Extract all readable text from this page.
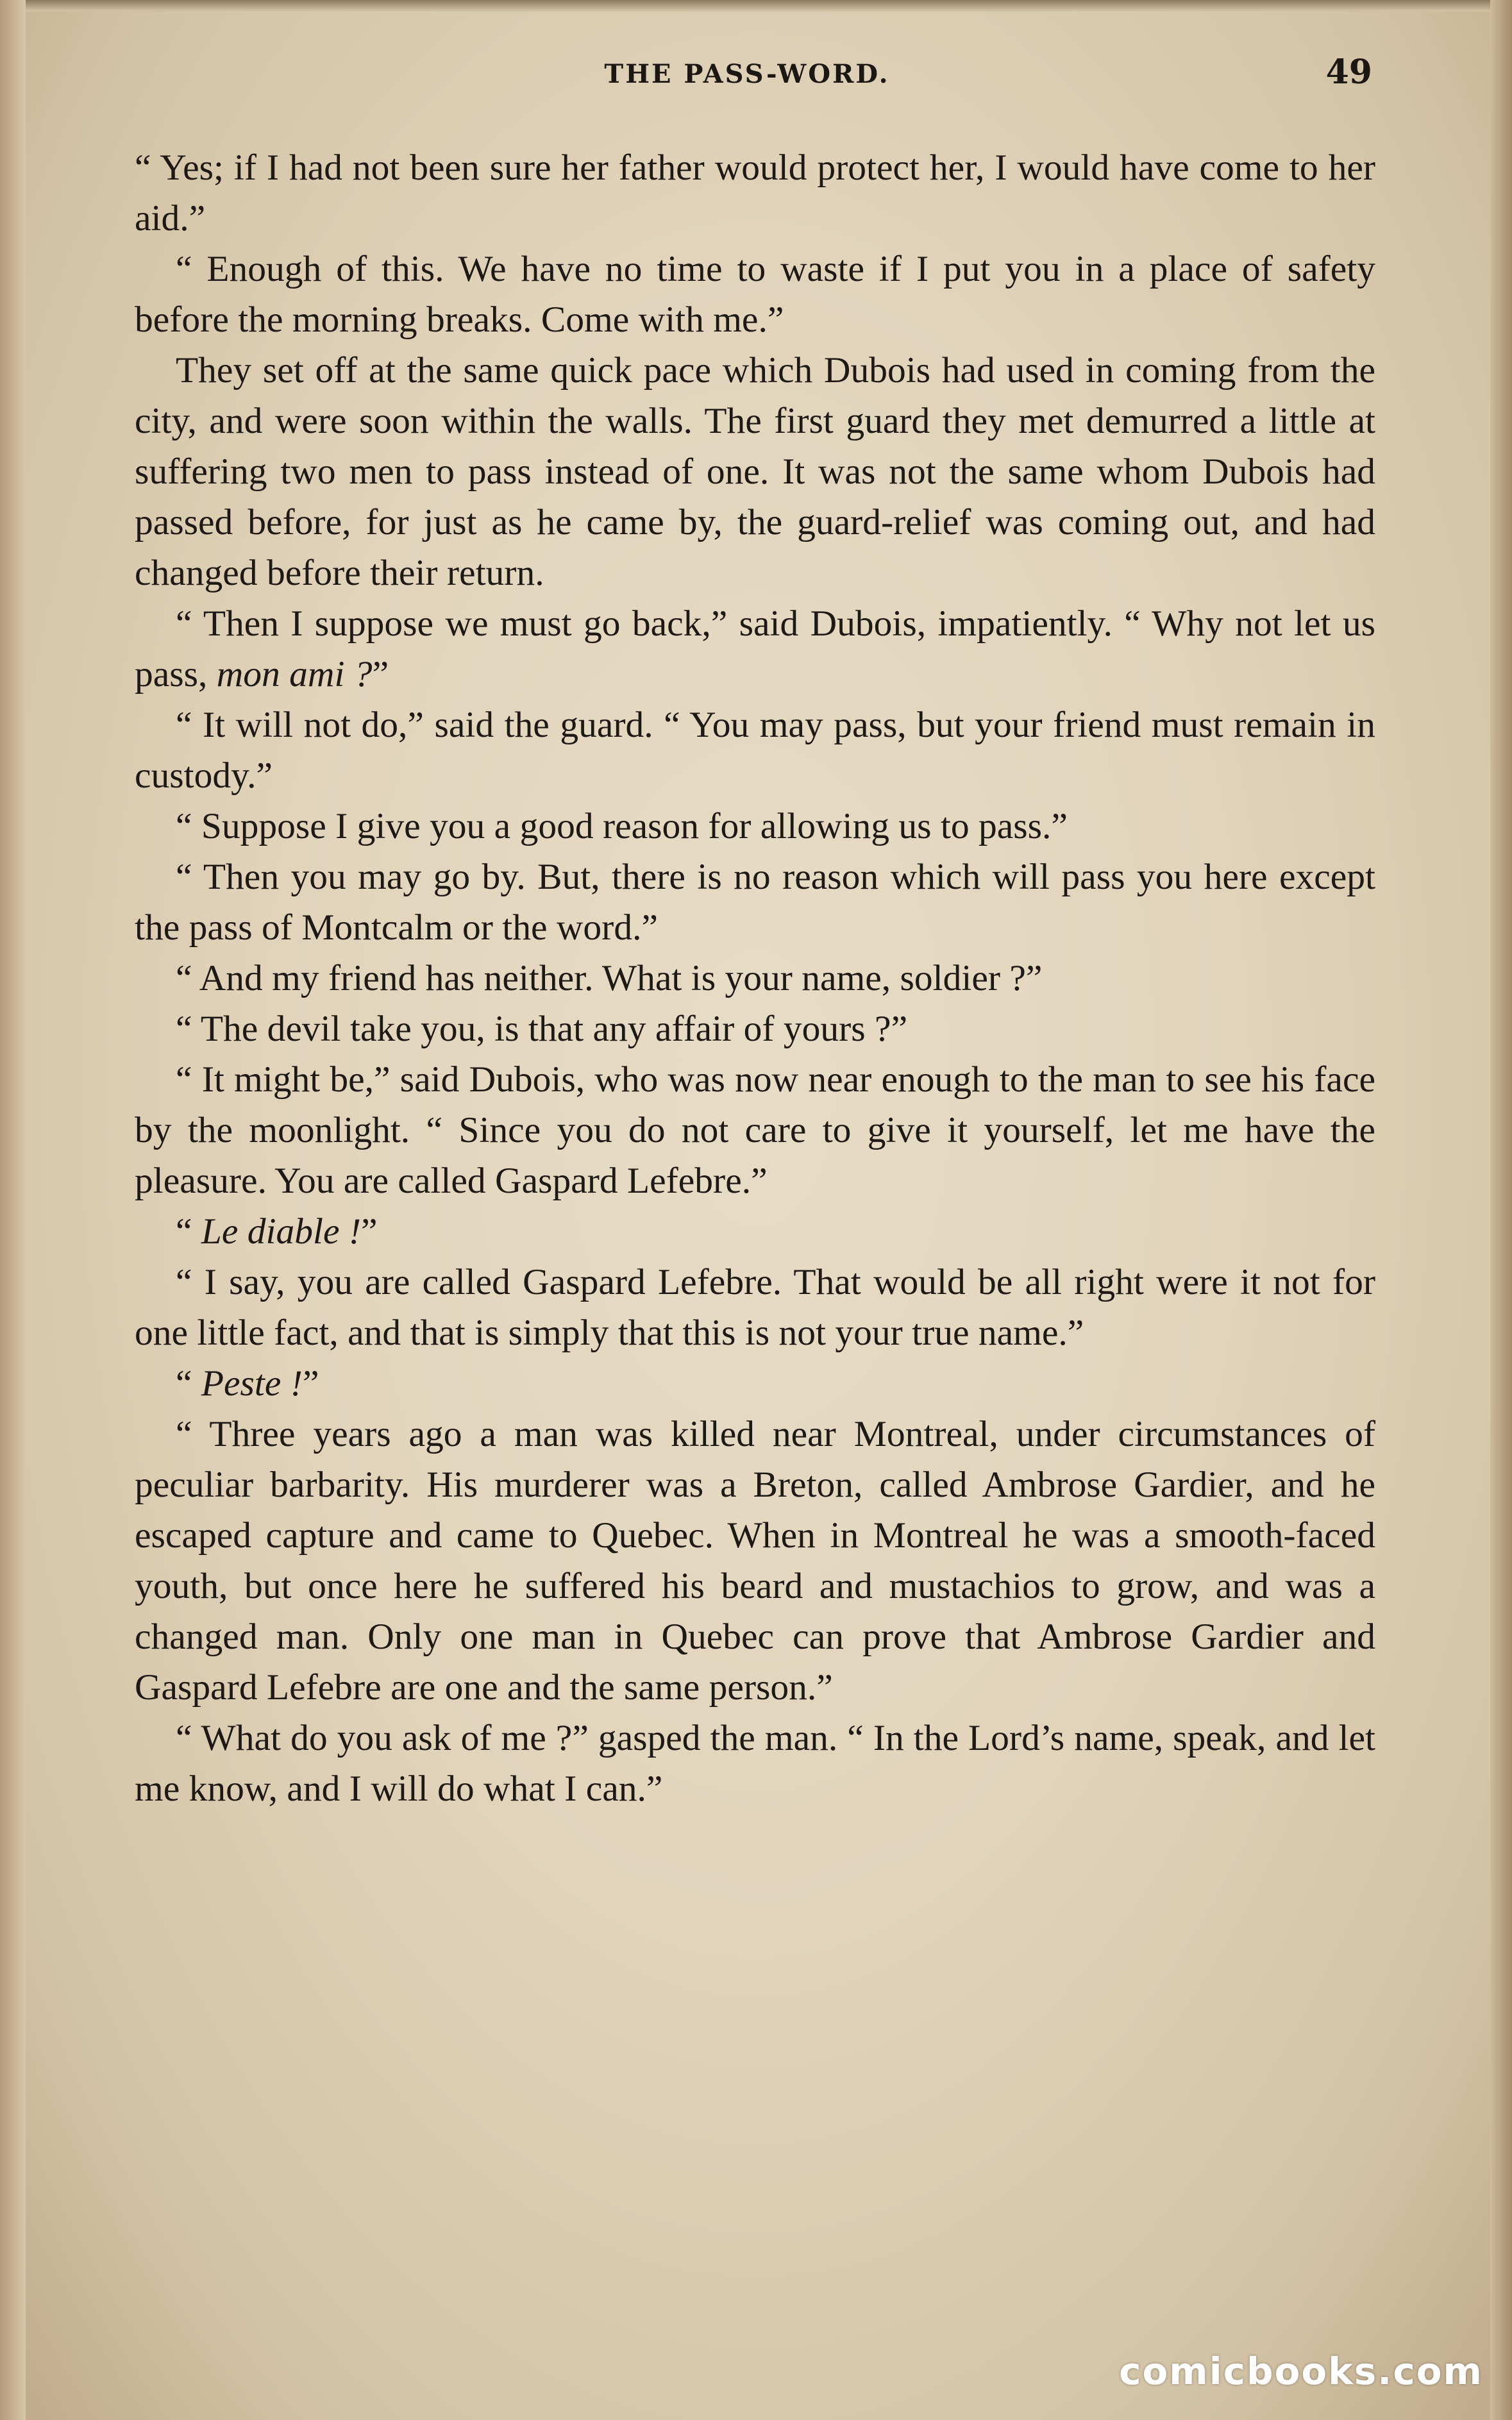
THE PASS-WORD.	49

“ Yes; if I had not been sure her father would protect her, I would have come to her aid.”

“ Enough of this. We have no time to waste if I put you in a place of safety before the morning breaks. Come with me.”

They set off at the same quick pace which Dubois had used in coming from the city, and were soon within the walls. The first guard they met demurred a little at suffering two men to pass instead of one. It was not the same whom Dubois had passed before, for just as he came by, the guard-relief was coming out, and had changed before their return.

“ Then I suppose we must go back,” said Dubois, impatiently. “ Why not let us pass, mon ami ?”

“ It will not do,” said the guard. “ You may pass, but your friend must remain in custody.”

“ Suppose I give you a good reason for allowing us to pass.”

“ Then you may go by. But, there is no reason which will pass you here except the pass of Montcalm or the word.”

“ And my friend has neither. What is your name, soldier ?”

“ The devil take you, is that any affair of yours ?”

“ It might be,” said Dubois, who was now near enough to the man to see his face by the moonlight. “ Since you do not care to give it yourself, let me have the pleasure. You are called Gaspard Lefebre.”

“ Le diable !”

“ I say, you are called Gaspard Lefebre. That would be all right were it not for one little fact, and that is simply that this is not your true name.”

“ Peste !”

“ Three years ago a man was killed near Montreal, under circumstances of peculiar barbarity. His murderer was a Breton, called Ambrose Gardier, and he escaped capture and came to Quebec. When in Montreal he was a smooth-faced youth, but once here he suffered his beard and mustachios to grow, and was a changed man. Only one man in Quebec can prove that Ambrose Gardier and Gaspard Lefebre are one and the same person.”

“ What do you ask of me ?” gasped the man. “ In the Lord’s name, speak, and let me know, and I will do what I can.”

comicbooks.com
